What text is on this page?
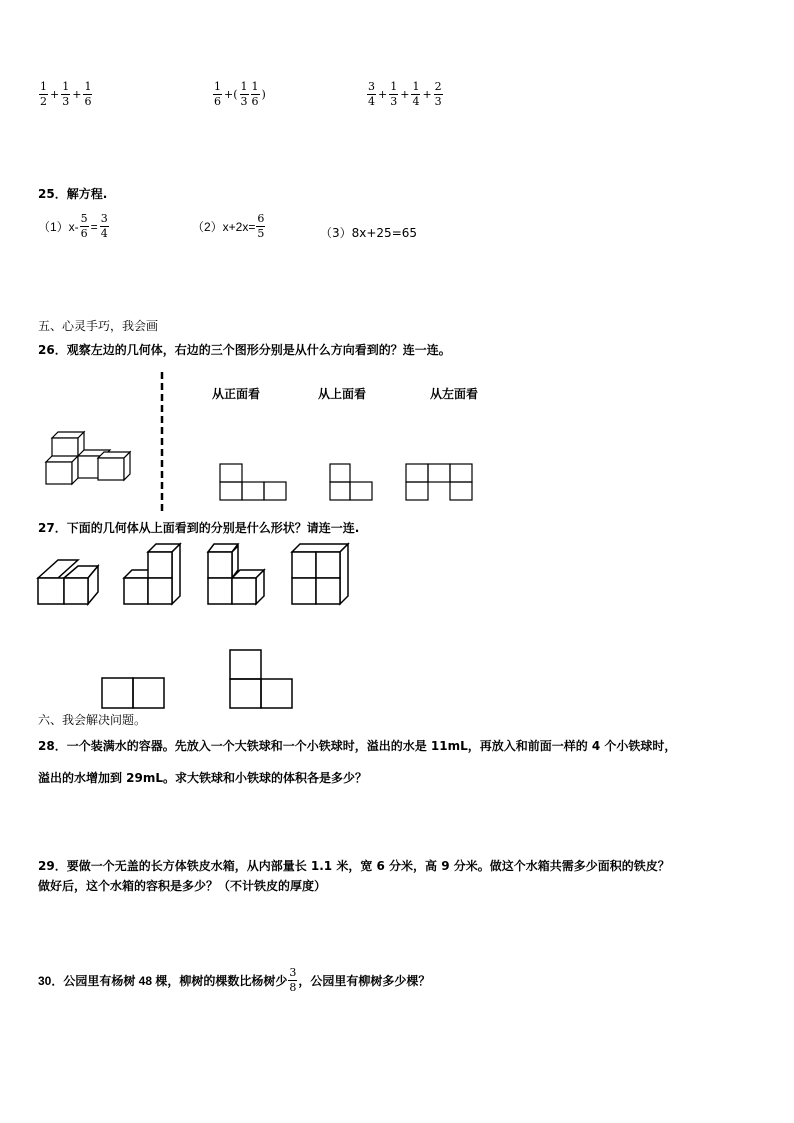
$\frac{1}{2} + \frac{1}{3} + \frac{1}{6}$	$\frac{1}{6}$ +( $\frac{1}{3} \frac{1}{6}$ )	$\frac{3}{4} + \frac{1}{3} + \frac{1}{4} + \frac{2}{3}$
25．解方程.
$(1)x- \frac{5}{6} = \frac{3}{4}$	$(2)x+2x= \frac{6}{5}$	（3）8x+25=65
五、心灵手巧，我会画
26．观察左边的几何体，右边的三个图形分别是从什么方向看到的？连一连。
从正面看	从上面看	从左面看
27．下面的几何体从上面看到的分别是什么形状？请连一连.
六、我会解决问题。
28．一个装满水的容器。先放入一个大铁球和一个小铁球时，溢出的水是 11mL，再放入和前面一样的 4 个小铁球时，
溢出的水增加到 29mL。求大铁球和小铁球的体积各是多少？
29．要做一个无盖的长方体铁皮水箱，从内部量长 1.1 米，宽 6 分米，高 9 分米。做这个水箱共需多少面积的铁皮？
做好后，这个水箱的容积是多少？（不计铁皮的厚度）
30．公园里有杨树 48 棵，柳树的棵数比杨树少 $\frac{3}{8}$ ，公园里有柳树多少棵？
